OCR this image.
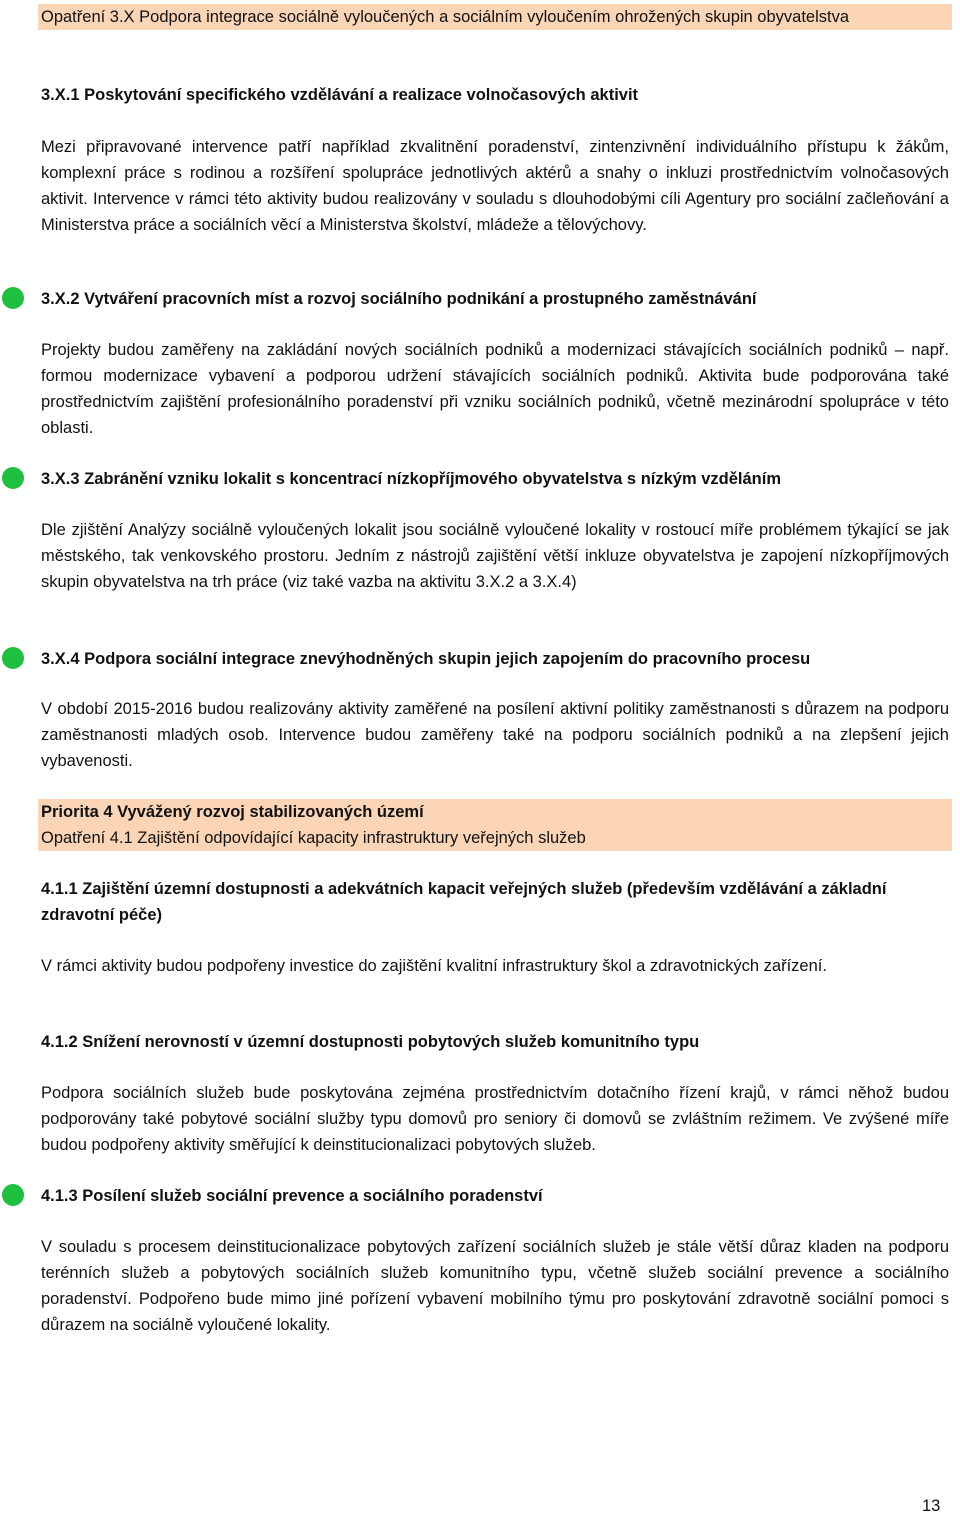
Opatření 3.X Podpora integrace sociálně vyloučených a sociálním vyloučením ohrožených skupin obyvatelstva
3.X.1 Poskytování specifického vzdělávání a realizace volnočasových aktivit
Mezi připravované intervence patří například zkvalitnění poradenství, zintenzivnění individuálního přístupu k žákům, komplexní práce s rodinou a rozšíření spolupráce jednotlivých aktérů a snahy o inkluzi prostřednictvím volnočasových aktivit. Intervence v rámci této aktivity budou realizovány v souladu s dlouhodobými cíli Agentury pro sociální začleňování a Ministerstva práce a sociálních věcí a Ministerstva školství, mládeže a tělovýchovy.
3.X.2 Vytváření pracovních míst a rozvoj sociálního podnikání a prostupného zaměstnávání
Projekty budou zaměřeny na zakládání nových sociálních podniků a modernizaci stávajících sociálních podniků – např. formou modernizace vybavení a podporou udržení stávajících sociálních podniků. Aktivita bude podporována také prostřednictvím zajištění profesionálního poradenství při vzniku sociálních podniků, včetně mezinárodní spolupráce v této oblasti.
3.X.3 Zabránění vzniku lokalit s koncentrací nízkopříjmového obyvatelstva s nízkým vzděláním
Dle zjištění Analýzy sociálně vyloučených lokalit jsou sociálně vyloučené lokality v rostoucí míře problémem týkající se jak městského, tak venkovského prostoru. Jedním z nástrojů zajištění větší inkluze obyvatelstva je zapojení nízkopříjmových skupin obyvatelstva na trh práce (viz také vazba na aktivitu 3.X.2 a 3.X.4)
3.X.4 Podpora sociální integrace znevýhodněných skupin jejich zapojením do pracovního procesu
V období 2015-2016 budou realizovány aktivity zaměřené na posílení aktivní politiky zaměstnanosti s důrazem na podporu zaměstnanosti mladých osob. Intervence budou zaměřeny také na podporu sociálních podniků a na zlepšení jejich vybavenosti.
Priorita 4 Vyvážený rozvoj stabilizovaných území
Opatření 4.1 Zajištění odpovídající kapacity infrastruktury veřejných služeb
4.1.1 Zajištění územní dostupnosti a adekvátních kapacit veřejných služeb (především vzdělávání a základní zdravotní péče)
V rámci aktivity budou podpořeny investice do zajištění kvalitní infrastruktury škol a zdravotnických zařízení.
4.1.2 Snížení nerovností v územní dostupnosti pobytových služeb komunitního typu
Podpora sociálních služeb bude poskytována zejména prostřednictvím dotačního řízení krajů, v rámci něhož budou podporovány také pobytové sociální služby typu domovů pro seniory či domovů se zvláštním režimem. Ve zvýšené míře budou podpořeny aktivity směřující k deinstitucionalizaci pobytových služeb.
4.1.3 Posílení služeb sociální prevence a sociálního poradenství
V souladu s procesem deinstitucionalizace pobytových zařízení sociálních služeb je stále větší důraz kladen na podporu terénních služeb a pobytových sociálních služeb komunitního typu, včetně služeb sociální prevence a sociálního poradenství. Podpořeno bude mimo jiné pořízení vybavení mobilního týmu pro poskytování zdravotně sociální pomoci s důrazem na sociálně vyloučené lokality.
13
